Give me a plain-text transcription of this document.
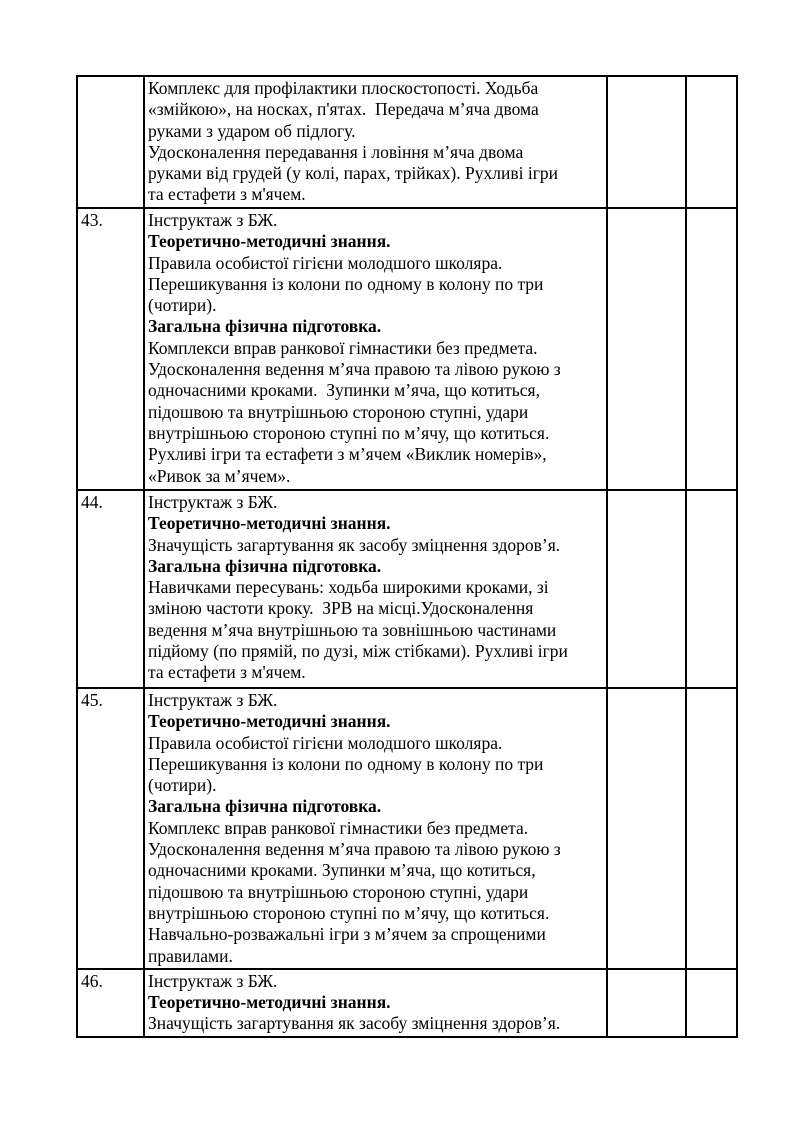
Комплекс для профілактики плоскостопості. Ходьба
«змійкою», на носках, п'ятах.  Передача м’яча двома
руками з ударом об підлогу.
Удосконалення передавання і ловіння м’яча двома
руками від грудей (у колі, парах, трійках). Рухливі ігри
та естафети з м'ячем.

43.	Інструктаж з БЖ.
Теоретично-методичні знання.
Правила особистої гігієни молодшого школяра.
Перешикування із колони по одному в колону по три
(чотири).
Загальна фізична підготовка.
Комплекси вправ ранкової гімнастики без предмета.
Удосконалення ведення м’яча правою та лівою рукою з
одночасними кроками.  Зупинки м’яча, що котиться,
підошвою та внутрішньою стороною ступні, удари
внутрішньою стороною ступні по м’ячу, що котиться.
Рухливі ігри та естафети з м’ячем «Виклик номерів»,
«Ривок за м’ячем».

44.	Інструктаж з БЖ.
Теоретично-методичні знання.
Значущість загартування як засобу зміцнення здоров’я.
Загальна фізична підготовка.
Навичками пересувань: ходьба широкими кроками, зі
зміною частоти кроку.  ЗРВ на місці.Удосконалення
ведення м’яча внутрішньою та зовнішньою частинами
підйому (по прямій, по дузі, між стібками). Рухливі ігри
та естафети з м'ячем.

45.	Інструктаж з БЖ.
Теоретично-методичні знання.
Правила особистої гігієни молодшого школяра.
Перешикування із колони по одному в колону по три
(чотири).
Загальна фізична підготовка.
Комплекс вправ ранкової гімнастики без предмета.
Удосконалення ведення м’яча правою та лівою рукою з
одночасними кроками. Зупинки м’яча, що котиться,
підошвою та внутрішньою стороною ступні, удари
внутрішньою стороною ступні по м’ячу, що котиться.
Навчально-розважальні ігри з м’ячем за спрощеними
правилами.

46.	Інструктаж з БЖ.
Теоретично-методичні знання.
Значущість загартування як засобу зміцнення здоров’я.		
